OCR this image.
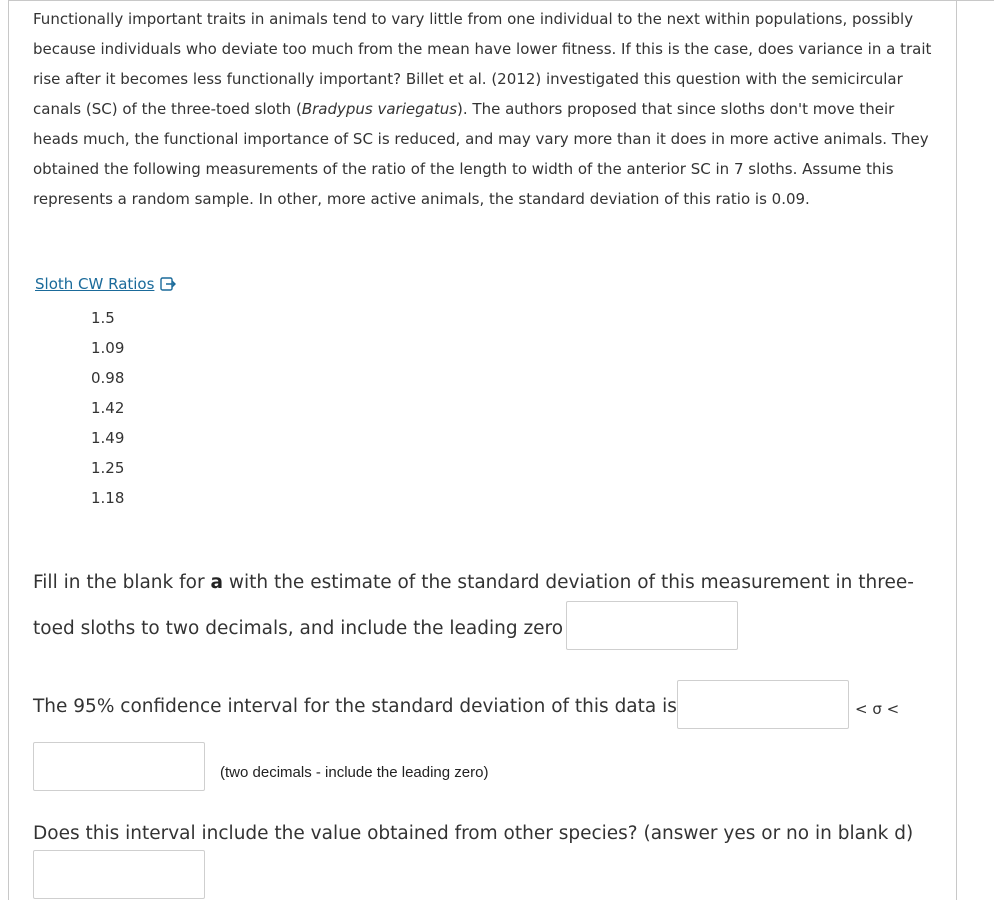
Functionally important traits in animals tend to vary little from one individual to the next within populations, possibly
because individuals who deviate too much from the mean have lower fitness. If this is the case, does variance in a trait
rise after it becomes less functionally important? Billet et al. (2012) investigated this question with the semicircular
canals (SC) of the three-toed sloth (Bradypus variegatus). The authors proposed that since sloths don't move their
heads much, the functional importance of SC is reduced, and may vary more than it does in more active animals. They
obtained the following measurements of the ratio of the length to width of the anterior SC in 7 sloths. Assume this
represents a random sample. In other, more active animals, the standard deviation of this ratio is 0.09.
Sloth CW Ratios
1.5
1.09
0.98
1.42
1.49
1.25
1.18
Fill in the blank for a with the estimate of the standard deviation of this measurement in three-
toed sloths to two decimals, and include the leading zero
The 95% confidence interval for the standard deviation of this data is	< σ <
(two decimals - include the leading zero)
Does this interval include the value obtained from other species? (answer yes or no in blank d)
